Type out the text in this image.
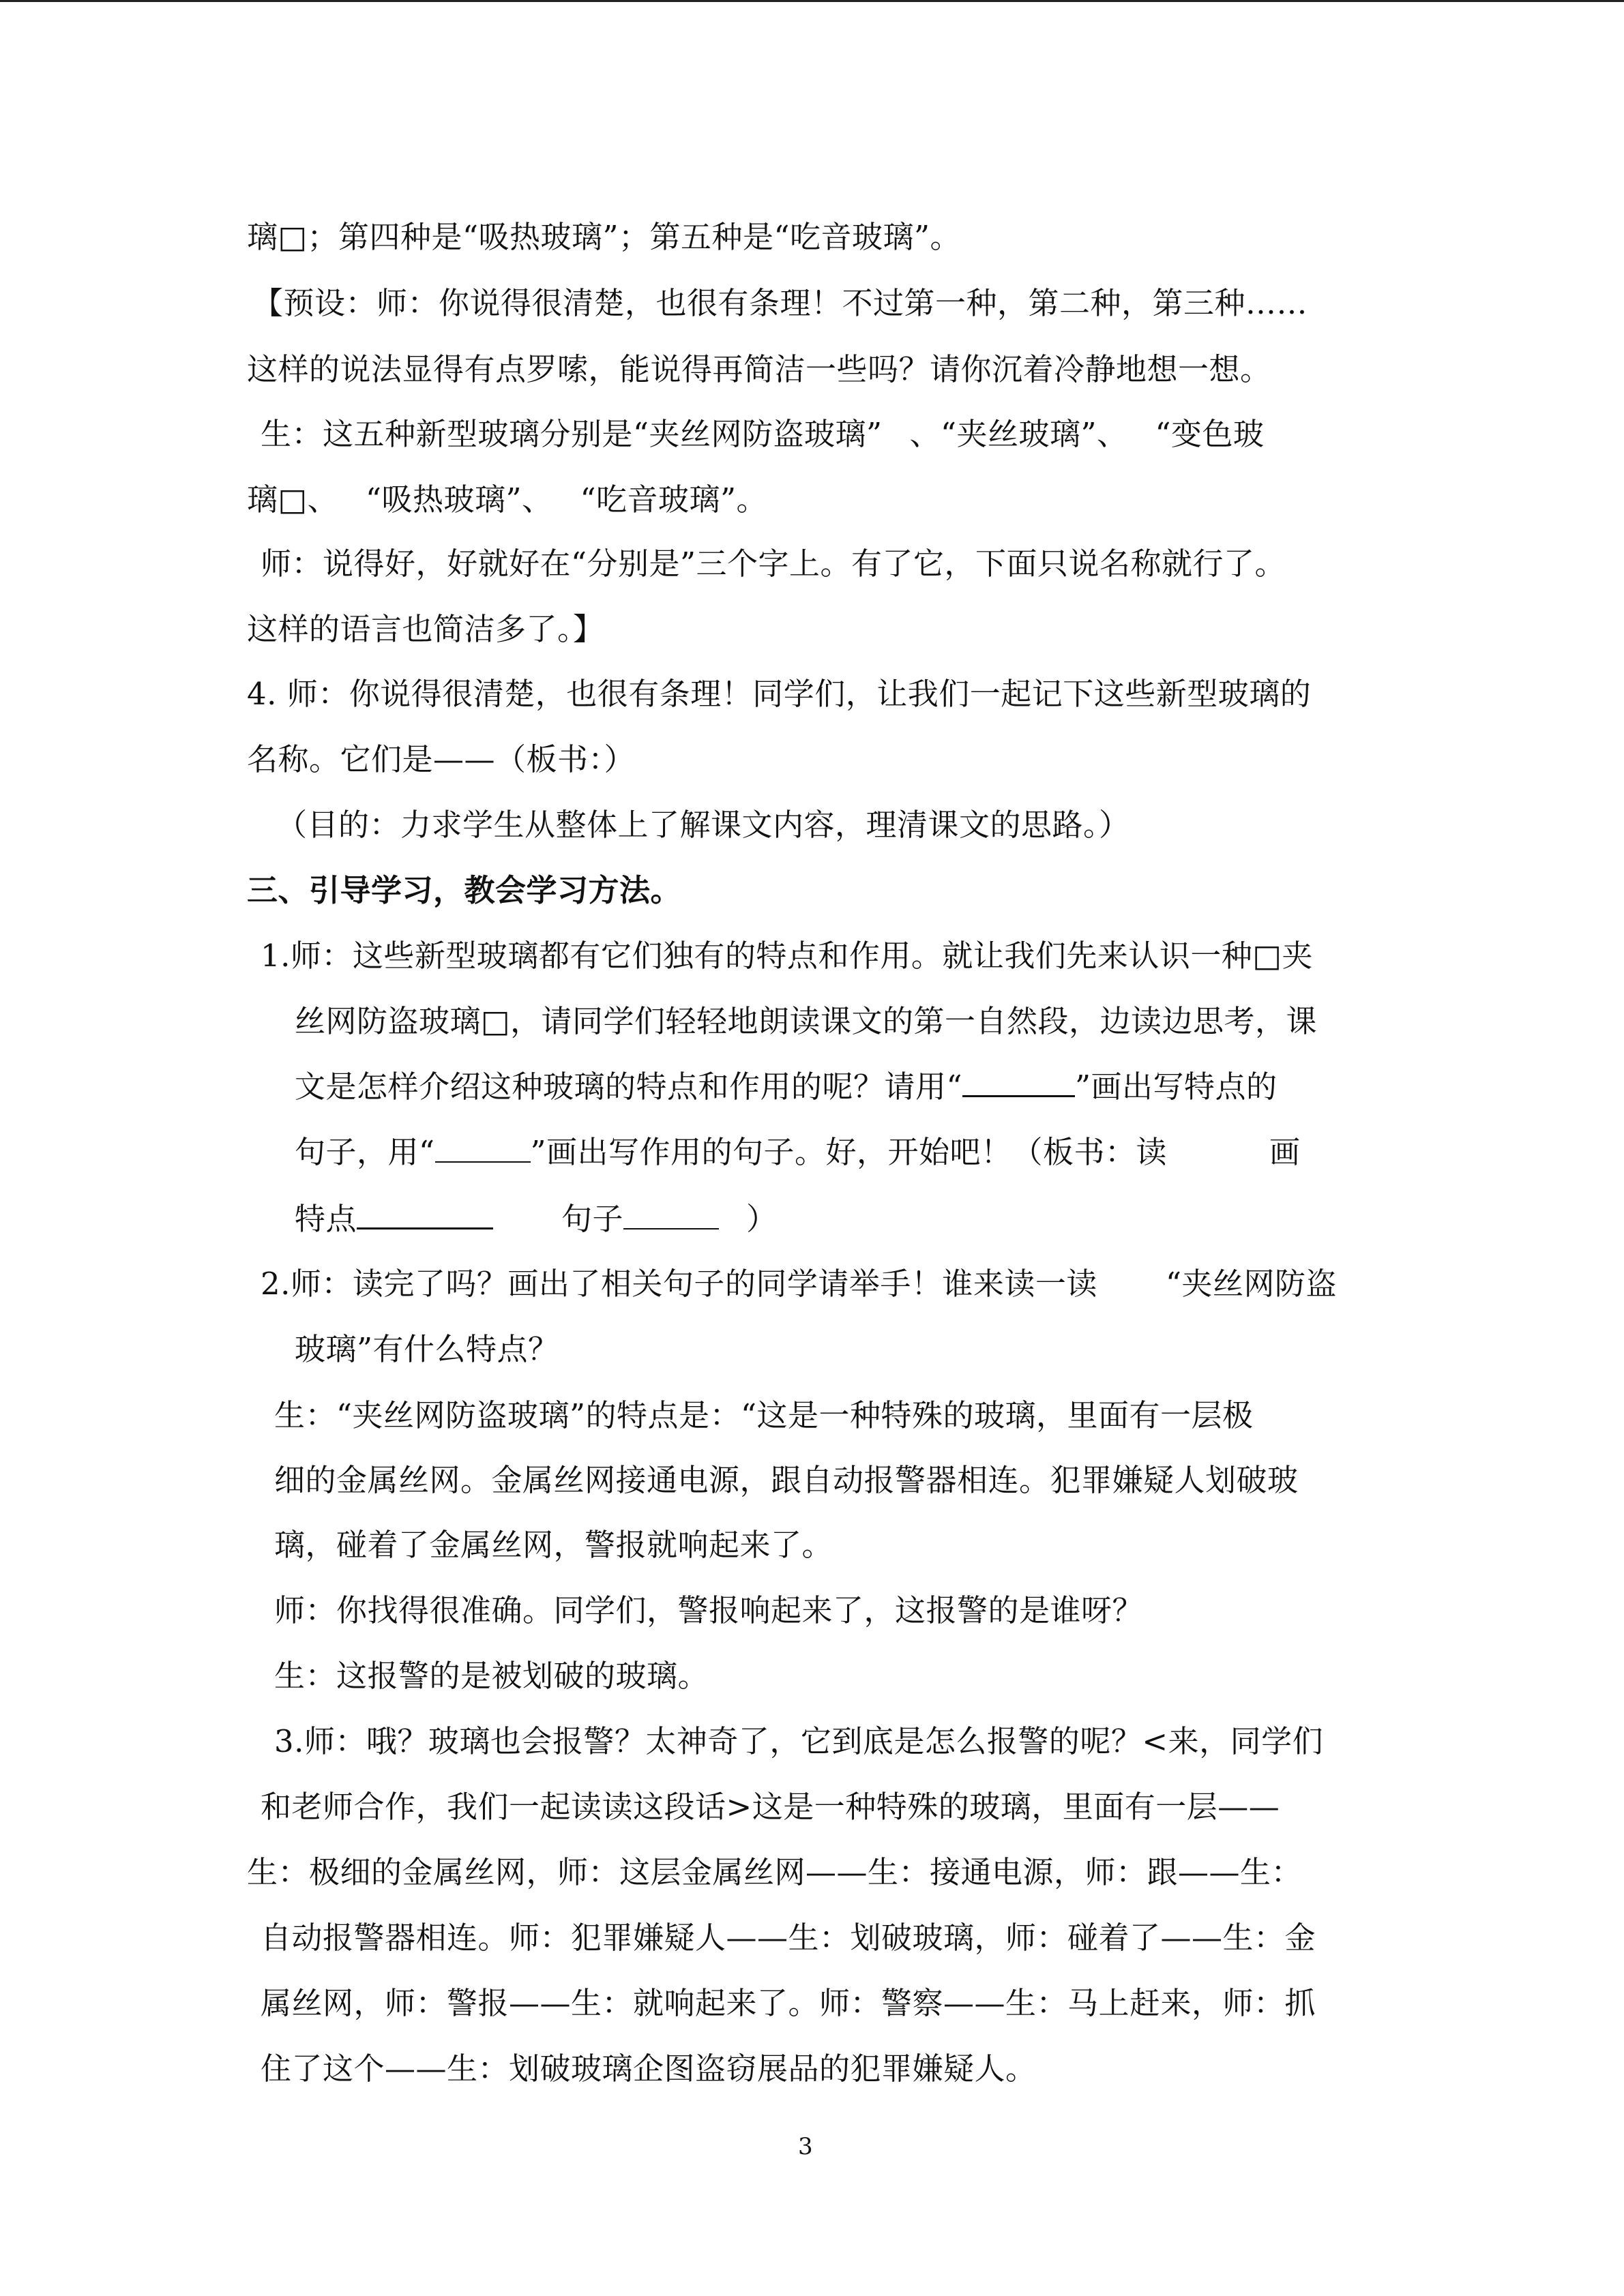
璃□；第四种是“吸热玻璃”；第五种是“吃音玻璃”。
【预设：师：你说得很清楚，也很有条理！不过第一种，第二种，第三种……
这样的说法显得有点罗嗦，能说得再简洁一些吗？请你沉着冷静地想一想。
生：这五种新型玻璃分别是“夹丝网防盗玻璃” 、“夹丝玻璃”、 “变色玻
璃□、 “吸热玻璃”、 “吃音玻璃”。
师：说得好，好就好在“分别是”三个字上。有了它，下面只说名称就行了。
这样的语言也简洁多了。】
4. 师：你说得很清楚，也很有条理！同学们，让我们一起记下这些新型玻璃的
名称。它们是——（板书：）
（目的：力求学生从整体上了解课文内容，理清课文的思路。）
三、引导学习，教会学习方法。
1.师：这些新型玻璃都有它们独有的特点和作用。就让我们先来认识一种□夹
丝网防盗玻璃□，请同学们轻轻地朗读课文的第一自然段，边读边思考，课
文是怎样介绍这种玻璃的特点和作用的呢？请用“	”画出写特点的
句子，用“	”画出写作用的句子。好，开始吧！（板书：读	画
特点	句子	）
2.师：读完了吗？画出了相关句子的同学请举手！谁来读一读 “夹丝网防盗
玻璃”有什么特点？
生：“夹丝网防盗玻璃”的特点是：“这是一种特殊的玻璃，里面有一层极
细的金属丝网。金属丝网接通电源，跟自动报警器相连。犯罪嫌疑人划破玻
璃，碰着了金属丝网，警报就响起来了。
师：你找得很准确。同学们，警报响起来了，这报警的是谁呀？
生：这报警的是被划破的玻璃。
3.师：哦？玻璃也会报警？太神奇了，它到底是怎么报警的呢？<来，同学们
和老师合作，我们一起读读这段话>这是一种特殊的玻璃，里面有一层——
生：极细的金属丝网，师：这层金属丝网——生：接通电源，师：跟——生：
自动报警器相连。师：犯罪嫌疑人——生：划破玻璃，师：碰着了——生：金
属丝网，师：警报——生：就响起来了。师：警察——生：马上赶来，师：抓
住了这个——生：划破玻璃企图盗窃展品的犯罪嫌疑人。
3
